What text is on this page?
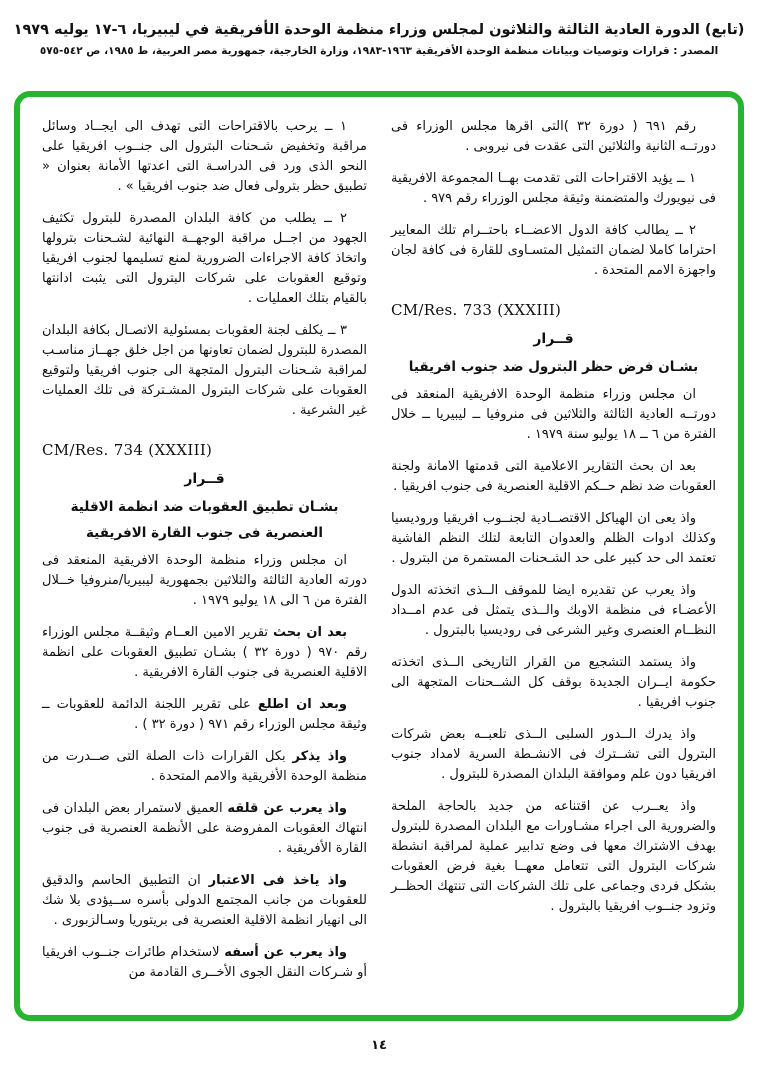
(تابع) الدورة العادية الثالثة والثلاثون لمجلس وزراء منظمة الوحدة الأفريقية في ليبيريا، ٦-١٧ يوليه ١٩٧٩
المصدر : قرارات وتوصيات وبيانات منظمة الوحدة الأفريقية ١٩٦٣-١٩٨٣، وزارة الخارجية، جمهورية مصر العربية، ط ١٩٨٥، ص ٥٤٢-٥٧٥

رقم ٦٩١ ( دورة ٣٢ )التى اقرها مجلس الوزراء فى دورتــه الثانية والثلاثين التى عقدت فى نيروبى .

١ ــ يؤيد الاقتراحات التى تقدمت بهــا المجموعة الافريقية فى نيويورك والمتضمنة وثيقة مجلس الوزراء رقم ٩٧٩ .

٢ ــ يطالب كافة الدول الاعضــاء باحتــرام تلك المعايير احتراما كاملا لضمان التمثيل المتسـاوى للقارة فى كافة لجان واجهزة الامم المتحدة .

CM/Res. 733 (XXXIII)
قــرار
بشـان فرض حظر البترول ضد جنوب افريقيا

ان مجلس وزراء منظمة الوحدة الافريقية المنعقد فى دورتــه العادية الثالثة والثلاثين فى منروفيا ــ ليبيريا ــ خلال الفترة من ٦ ــ ١٨ يوليو سنة ١٩٧٩ .

بعد ان بحث التقارير الاعلامية التى قدمتها الامانة ولجنة العقوبات ضد نظم حــكم الاقلية العنصرية فى جنوب افريقيا .

واذ يعى ان الهياكل الاقتصــادية لجنــوب افريقيا وروديسيا وكذلك ادوات الظلم والعدوان التابعة لتلك النظم الفاشية تعتمد الى حد كبير على حد الشـحنات المستمرة من البترول .

واذ يعرب عن تقديره ايضا للموقف الــذى اتخذته الدول الأعضـاء فى منظمة الاوبك والــذى يتمثل فى عدم امــداد النظــام العنصرى وغير الشرعى فى روديسيا بالبترول .

واذ يستمد التشجيع من القرار التاريخى الــذى اتخذته حكومة ايــران الجديدة بوقف كل الشــحنات المتجهة الى جنوب افريقيا .

واذ يدرك الــدور السلبى الــذى تلعبــه بعض شركات البترول التى تشــترك فى الانشـطة السرية لامداد جنوب افريقيا دون علم وموافقة البلدان المصدرة للبترول .

واذ يعــرب عن اقتناعه من جديد بالحاجة الملحة والضرورية الى اجراء مشـاورات مع البلدان المصدرة للبترول بهدف الاشتراك معها فى وضع تدابير عملية لمراقبة انشطة شركات البترول التى تتعامل معهــا بغية فرض العقوبات بشكل فردى وجماعى على تلك الشركات التى تنتهك الحظــر وتزود جنــوب افريقيا بالبترول .

١ ــ يرحب بالاقتراحات التى تهدف الى ايجــاد وسائل مراقبة وتخفيض شـحنات البترول الى جنــوب افريقيا على النحو الذى ورد فى الدراسـة التى اعدتها الأمانة بعنوان « تطبيق حظر بترولى فعال ضد جنوب افريقيا » .

٢ ــ يطلب من كافة البلدان المصدرة للبترول تكثيف الجهود من اجــل مراقبة الوجهــة النهائية لشـحنات بترولها واتخاذ كافة الاجراءات الضرورية لمنع تسليمها لجنوب افريقيا وتوقيع العقوبات على شركات البترول التى يثبت ادانتها بالقيام بتلك العمليات .

٣ ــ يكلف لجنة العقوبات بمسئولية الاتصـال بكافة البلدان المصدرة للبترول لضمان تعاونها من اجل خلق جهــاز مناسـب لمراقبة شـحنات البترول المتجهة الى جنوب افريقيا ولتوقيع العقوبات على شركات البترول المشـتركة فى تلك العمليات غير الشرعية .

CM/Res. 734 (XXXIII)
قــرار
بشـان تطبيق العقوبات ضد انظمة الاقلية
العنصرية فى جنوب القارة الافريقية

ان مجلس وزراء منظمة الوحدة الافريقية المنعقد فى دورته العادية الثالثة والثلاثين بجمهورية ليبيريا/منروفيا خــلال الفترة من ٦ الى ١٨ يوليو ١٩٧٩ .

بعد ان بحث تقرير الامين العــام وثيقــة مجلس الوزراء رقم ٩٧٠ ( دورة ٣٢ ) بشـان تطبيق العقوبات على انظمة الاقلية العنصرية فى جنوب القارة الافريقية .

وبعد ان اطلع على تقرير اللجنة الدائمة للعقوبات ــ وثيقة مجلس الوزراء رقم ٩٧١ ( دورة ٣٢ ) .

واذ يذكر بكل القرارات ذات الصلة التى صــدرت من منظمة الوحدة الأفريقية والامم المتحدة .

واذ يعرب عن قلقه العميق لاستمرار بعض البلدان فى انتهاك العقوبات المفروضة على الأنظمة العنصرية فى جنوب القارة الأفريقية .

واذ ياخذ فى الاعتبار ان التطبيق الحاسم والدقيق للعقوبات من جانب المجتمع الدولى بأسره ســيؤدى بلا شك الى انهيار انظمة الاقلية العنصرية فى بريتوريا وسـالزبورى .

واذ يعرب عن أسفه لاستخدام طائرات جنــوب افريقيا أو شـركات النقل الجوى الأخــرى القادمة من

١٤
